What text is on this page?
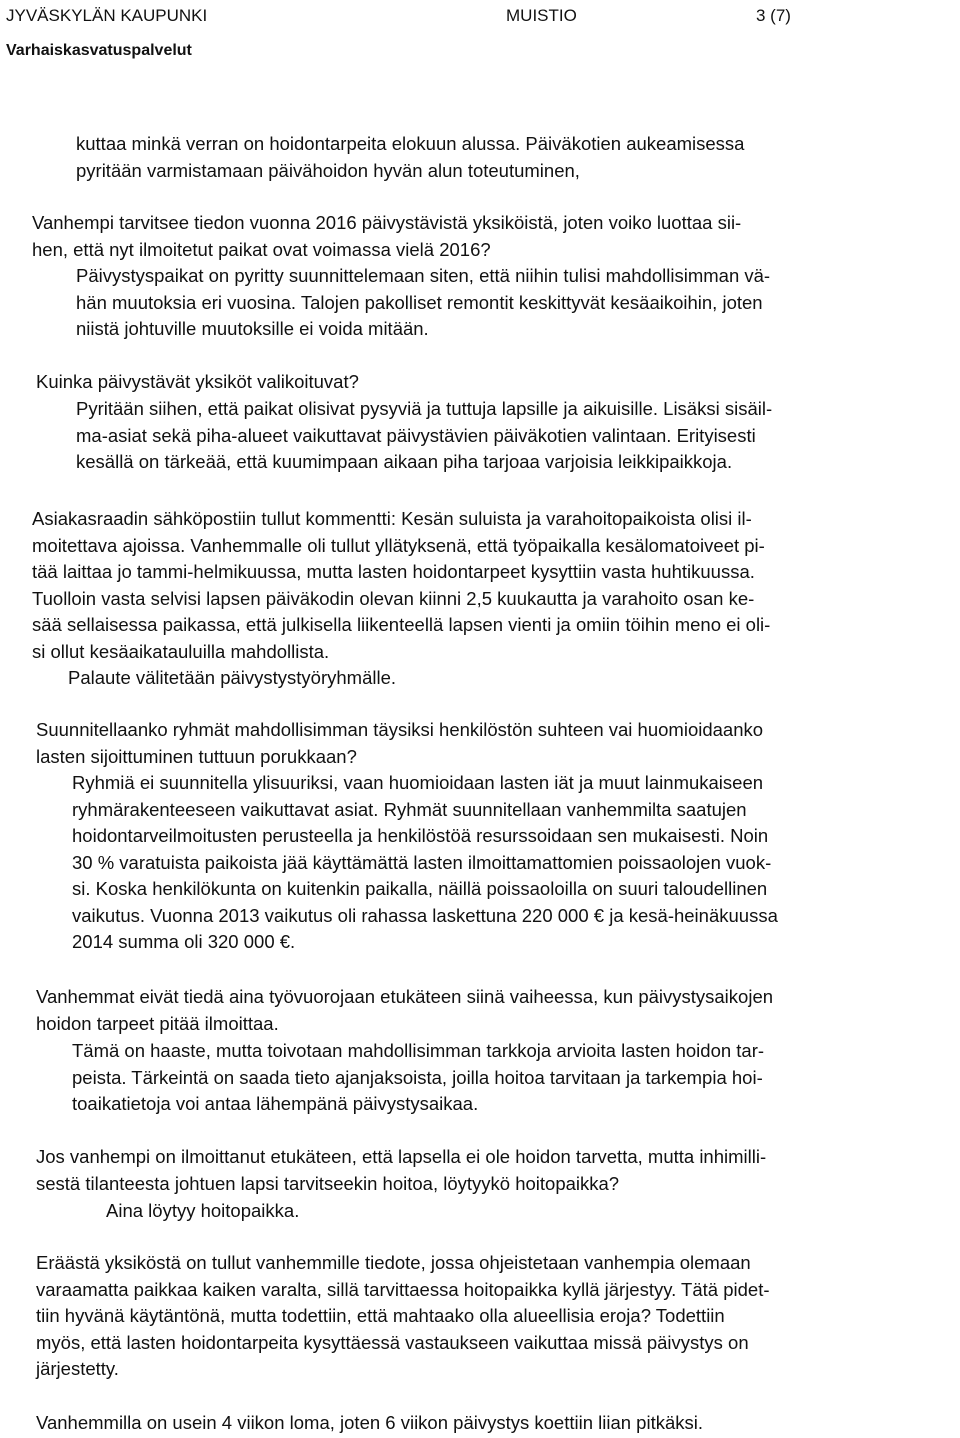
JYVÄSKYLÄN KAUPUNKI	MUISTIO	3 (7)
Varhaiskasvatuspalvelut
kuttaa minkä verran on hoidontarpeita elokuun alussa. Päiväkotien aukeamisessa
pyritään varmistamaan päivähoidon hyvän alun toteutuminen,
Vanhempi tarvitsee tiedon vuonna 2016 päivystävistä yksiköistä, joten voiko luottaa sii-
hen, että nyt ilmoitetut paikat ovat voimassa vielä 2016?
Päivystyspaikat on pyritty suunnittelemaan siten, että niihin tulisi mahdollisimman vä-
hän muutoksia eri vuosina. Talojen pakolliset remontit keskittyvät kesäaikoihin, joten
niistä johtuville muutoksille ei voida mitään.
Kuinka päivystävät yksiköt valikoituvat?
Pyritään siihen, että paikat olisivat pysyviä ja tuttuja lapsille ja aikuisille. Lisäksi sisäil-
ma-asiat sekä piha-alueet vaikuttavat päivystävien päiväkotien valintaan. Erityisesti
kesällä on tärkeää, että kuumimpaan aikaan piha tarjoaa varjoisia leikkipaikkoja.
Asiakasraadin sähköpostiin tullut kommentti: Kesän suluista ja varahoitopaikoista olisi il-
moitettava ajoissa. Vanhemmalle oli tullut yllätyksenä, että työpaikalla kesälomatoiveet pi-
tää laittaa jo tammi-helmikuussa, mutta lasten hoidontarpeet kysyttiin vasta huhtikuussa.
Tuolloin vasta selvisi lapsen päiväkodin olevan kiinni 2,5 kuukautta ja varahoito osan ke-
sää sellaisessa paikassa, että julkisella liikenteellä lapsen vienti ja omiin töihin meno ei oli-
si ollut kesäaikatauluilla mahdollista.
Palaute välitetään päivystystyöryhmälle.
Suunnitellaanko ryhmät mahdollisimman täysiksi henkilöstön suhteen vai huomioidaanko
lasten sijoittuminen tuttuun porukkaan?
Ryhmiä ei suunnitella ylisuuriksi, vaan huomioidaan lasten iät ja muut lainmukaiseen
ryhmärakenteeseen vaikuttavat asiat. Ryhmät suunnitellaan vanhemmilta saatujen
hoidontarveilmoitusten perusteella ja henkilöstöä resurssoidaan sen mukaisesti. Noin
30 % varatuista paikoista jää käyttämättä lasten ilmoittamattomien poissaolojen vuok-
si. Koska henkilökunta on kuitenkin paikalla, näillä poissaoloilla on suuri taloudellinen
vaikutus. Vuonna 2013 vaikutus oli rahassa laskettuna 220 000 € ja kesä-heinäkuussa
2014 summa oli 320 000 €.
Vanhemmat eivät tiedä aina työvuorojaan etukäteen siinä vaiheessa, kun päivystysaikojen
hoidon tarpeet pitää ilmoittaa.
Tämä on haaste, mutta toivotaan mahdollisimman tarkkoja arvioita lasten hoidon tar-
peista. Tärkeintä on saada tieto ajanjaksoista, joilla hoitoa tarvitaan ja tarkempia hoi-
toaikatietoja voi antaa lähempänä päivystysaikaa.
Jos vanhempi on ilmoittanut etukäteen, että lapsella ei ole hoidon tarvetta, mutta inhimilli-
sestä tilanteesta johtuen lapsi tarvitseekin hoitoa, löytyykö hoitopaikka?
Aina löytyy hoitopaikka.
Eräästä yksiköstä on tullut vanhemmille tiedote, jossa ohjeistetaan vanhempia olemaan
varaamatta paikkaa kaiken varalta, sillä tarvittaessa hoitopaikka kyllä järjestyy. Tätä pidet-
tiin hyvänä käytäntönä, mutta todettiin, että mahtaako olla alueellisia eroja? Todettiin
myös, että lasten hoidontarpeita kysyttäessä vastaukseen vaikuttaa missä päivystys on
järjestetty.
Vanhemmilla on usein 4 viikon loma, joten 6 viikon päivystys koettiin liian pitkäksi.
